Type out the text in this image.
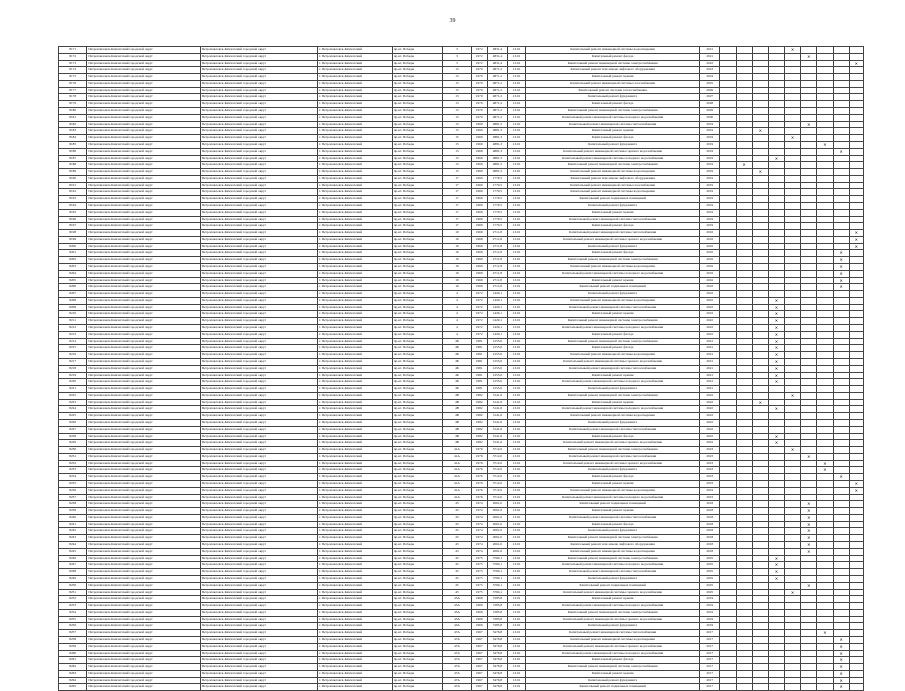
39
8171	Петропавловск-Камчатский городской округ	Петропавловск-Камчатский городской округ	г. Петропавловск-Камчатский	пр-кт. Победы	3	1972	4831,4	13.01	Капитальный ремонт инженерной системы водоотведения	2021					✕				
8172	Петропавловск-Камчатский городской округ	Петропавловск-Камчатский городской округ	г. Петропавловск-Камчатский	пр-кт. Победы	3	1972	4831,4	13.01	Капитальный ремонт фасада	2021						✕			
8173	Петропавловск-Камчатский городской округ	Петропавловск-Камчатский городской округ	г. Петропавловск-Камчатский	пр-кт. Победы	3	1972	4831,4	13.01	Капитальный ремонт инженерной системы электроснабжения	2022									✕
8174	Петропавловск-Камчатский городской округ	Петропавловск-Камчатский городской округ	г. Петропавловск-Камчатский	пр-кт. Победы	13	1970	4871,2	13.01	Капитальный ремонт или замена лифтового оборудования	2023									
8175	Петропавловск-Камчатский городской округ	Петропавловск-Камчатский городской округ	г. Петропавловск-Камчатский	пр-кт. Победы	13	1970	4871,2	13.01	Капитальный ремонт крыши	2024									
8176	Петропавловск-Камчатский городской округ	Петропавловск-Камчатский городской округ	г. Петропавловск-Камчатский	пр-кт. Победы	13	1970	4871,2	13.01	Капитальный ремонт инженерной системы газоснабжения	2025									
8177	Петропавловск-Камчатский городской округ	Петропавловск-Камчатский городской округ	г. Петропавловск-Камчатский	пр-кт. Победы	13	1970	4871,2	13.01	Капитальный ремонт системы теплоснабжения	2026									
8178	Петропавловск-Камчатский городской округ	Петропавловск-Камчатский городской округ	г. Петропавловск-Камчатский	пр-кт. Победы	13	1970	4871,2	13.01	Капитальный ремонт фундамента	2027									
8179	Петропавловск-Камчатский городской округ	Петропавловск-Камчатский городской округ	г. Петропавловск-Камчатский	пр-кт. Победы	13	1970	4871,2	13.01	Капитальный ремонт фасада	2028									
8180	Петропавловск-Камчатский городской округ	Петропавловск-Камчатский городской округ	г. Петропавловск-Камчатский	пр-кт. Победы	13	1970	4871,2	13.01	Капитальный ремонт инженерной системы электроснабжения	2029									
8181	Петропавловск-Камчатский городской округ	Петропавловск-Камчатский городской округ	г. Петропавловск-Камчатский	пр-кт. Победы	13	1970	4871,2	13.01	Капитальный ремонт инженерной системы холодного водоснабжения	2030									
8182	Петропавловск-Камчатский городской округ	Петропавловск-Камчатский городской округ	г. Петропавловск-Камчатский	пр-кт. Победы	13	1960	4881,3	13.01	Капитальный ремонт инженерной системы теплоснабжения	2019						✕			
8183	Петропавловск-Камчатский городской округ	Петропавловск-Камчатский городской округ	г. Петропавловск-Камчатский	пр-кт. Победы	13	1969	4881,3	13.01	Капитальный ремонт крыши	2019			✕						
8184	Петропавловск-Камчатский городской округ	Петропавловск-Камчатский городской округ	г. Петропавловск-Камчатский	пр-кт. Победы	15	1969	4881,3	13.01	Капитальный ремонт фасада	2019					✕				
8185	Петропавловск-Камчатский городской округ	Петропавловск-Камчатский городской округ	г. Петропавловск-Камчатский	пр-кт. Победы	15	1969	4881,3	13.01	Капитальный ремонт фундамента	2019							✕		
8186	Петропавловск-Камчатский городской округ	Петропавловск-Камчатский городской округ	г. Петропавловск-Камчатский	пр-кт. Победы	15	1969	4881,3	13.01	Капитальный ремонт инженерной системы горячего водоснабжения	2019								✕	
8187	Петропавловск-Камчатский городской округ	Петропавловск-Камчатский городской округ	г. Петропавловск-Камчатский	пр-кт. Победы	15	1969	4881,3	13.01	Капитальный ремонт инженерной системы холодного водоснабжения	2019				✕					
8188	Петропавловск-Камчатский городской округ	Петропавловск-Камчатский городской округ	г. Петропавловск-Камчатский	пр-кт. Победы	15	1969	4881,3	13.01	Капитальный ремонт инженерной системы электроснабжения	2019		✕							
8189	Петропавловск-Камчатский городской округ	Петропавловск-Камчатский городской округ	г. Петропавловск-Камчатский	пр-кт. Победы	15	1969	4881,3	13.01	Капитальный ремонт инженерной системы водоотведения	2019			✕						
8190	Петропавловск-Камчатский городской округ	Петропавловск-Камчатский городской округ	г. Петропавловск-Камчатский	пр-кт. Победы	17	1969	1779,5	13.01	Капитальный ремонт или замена лифтового оборудования	2019									
8191	Петропавловск-Камчатский городской округ	Петропавловск-Камчатский городской округ	г. Петропавловск-Камчатский	пр-кт. Победы	17	1969	1779,5	13.01	Капитальный ремонт инженерной системы газоснабжения	2019									
8192	Петропавловск-Камчатский городской округ	Петропавловск-Камчатский городской округ	г. Петропавловск-Камчатский	пр-кт. Победы	17	1969	1779,5	13.01	Капитальный ремонт инженерной системы водоотведения	2019									
8193	Петропавловск-Камчатский городской округ	Петропавловск-Камчатский городской округ	г. Петропавловск-Камчатский	пр-кт. Победы	17	1969	1779,5	13.01	Капитальный ремонт подвальных помещений	2019									
8194	Петропавловск-Камчатский городской округ	Петропавловск-Камчатский городской округ	г. Петропавловск-Камчатский	пр-кт. Победы	17	1969	1779,5	13.01	Капитальный ремонт фундамента	2019									
8195	Петропавловск-Камчатский городской округ	Петропавловск-Камчатский городской округ	г. Петропавловск-Камчатский	пр-кт. Победы	17	1969	1779,5	13.01	Капитальный ремонт крыши	2019									
8196	Петропавловск-Камчатский городской округ	Петропавловск-Камчатский городской округ	г. Петропавловск-Камчатский	пр-кт. Победы	17	1969	1779,5	13.01	Капитальный ремонт инженерной системы теплоснабжения	2019									
8197	Петропавловск-Камчатский городской округ	Петропавловск-Камчатский городской округ	г. Петропавловск-Камчатский	пр-кт. Победы	17	1969	1779,5	13.01	Капитальный ремонт фасада	2019									
8198	Петропавловск-Камчатский городской округ	Петропавловск-Камчатский городской округ	г. Петропавловск-Камчатский	пр-кт. Победы	19	1969	2711,8	13.01	Капитальный ремонт инженерной системы теплоснабжения	2016									✕
8199	Петропавловск-Камчатский городской округ	Петропавловск-Камчатский городской округ	г. Петропавловск-Камчатский	пр-кт. Победы	19	1969	2711,8	13.01	Капитальный ремонт инженерной системы горячего водоснабжения	2016									✕
8200	Петропавловск-Камчатский городской округ	Петропавловск-Камчатский городской округ	г. Петропавловск-Камчатский	пр-кт. Победы	19	1969	2711,8	13.01	Капитальный ремонт фундамента	2016									✕
8201	Петропавловск-Камчатский городской округ	Петропавловск-Камчатский городской округ	г. Петропавловск-Камчатский	пр-кт. Победы	19	1969	2711,8	13.01	Капитальный ремонт фасада	2016								✕	
8202	Петропавловск-Камчатский городской округ	Петропавловск-Камчатский городской округ	г. Петропавловск-Камчатский	пр-кт. Победы	19	1969	2711,8	13.01	Капитальный ремонт инженерной системы электроснабжения	2016								✕	
8203	Петропавловск-Камчатский городской округ	Петропавловск-Камчатский городской округ	г. Петропавловск-Камчатский	пр-кт. Победы	19	1969	2711,8	13.01	Капитальный ремонт инженерной системы водоотведения	2016								✕	
8204	Петропавловск-Камчатский городской округ	Петропавловск-Камчатский городской округ	г. Петропавловск-Камчатский	пр-кт. Победы	19	1969	2711,8	13.01	Капитальный ремонт инженерной системы холодного водоснабжения	2016								✕	
8205	Петропавловск-Камчатский городской округ	Петропавловск-Камчатский городской округ	г. Петропавловск-Камчатский	пр-кт. Победы	19	1969	2711,8	13.01	Капитальный ремонт крыши	2016								✕	
8206	Петропавловск-Камчатский городской округ	Петропавловск-Камчатский городской округ	г. Петропавловск-Камчатский	пр-кт. Победы	19	1969	2711,8	13.01	Капитальный ремонт подвальных помещений	2016								✕	
8207	Петропавловск-Камчатский городской округ	Петропавловск-Камчатский городской округ	г. Петропавловск-Камчатский	пр-кт. Победы	4	1972	1429,1	13.01	Капитальный ремонт фундамента	2022									
8208	Петропавловск-Камчатский городской округ	Петропавловск-Камчатский городской округ	г. Петропавловск-Камчатский	пр-кт. Победы	4	1972	1429,1	13.01	Капитальный ремонт инженерной системы водоотведения	2022				✕					
8209	Петропавловск-Камчатский городской округ	Петропавловск-Камчатский городской округ	г. Петропавловск-Камчатский	пр-кт. Победы	4	1972	1429,1	13.01	Капитальный ремонт инженерной системы теплоснабжения	2022				✕					
8210	Петропавловск-Камчатский городской округ	Петропавловск-Камчатский городской округ	г. Петропавловск-Камчатский	пр-кт. Победы	4	1972	1429,1	13.01	Капитальный ремонт крыши	2022				✕					
8211	Петропавловск-Камчатский городской округ	Петропавловск-Камчатский городской округ	г. Петропавловск-Камчатский	пр-кт. Победы	4	1972	1429,1	13.01	Капитальный ремонт инженерной системы электроснабжения	2022				✕					
8212	Петропавловск-Камчатский городской округ	Петропавловск-Камчатский городской округ	г. Петропавловск-Камчатский	пр-кт. Победы	4	1972	1429,1	13.01	Капитальный ремонт инженерной системы холодного водоснабжения	2022				✕					
8213	Петропавловск-Камчатский городской округ	Петропавловск-Камчатский городской округ	г. Петропавловск-Камчатский	пр-кт. Победы	4	1972	1429,1	13.01	Капитальный ремонт фасада	2022				✕					
8214	Петропавловск-Камчатский городской округ	Петропавловск-Камчатский городской округ	г. Петропавловск-Камчатский	пр-кт. Победы	4Б	1981	1255,0	13.01	Капитальный ремонт инженерной системы электроснабжения	2021				✕					
8215	Петропавловск-Камчатский городской округ	Петропавловск-Камчатский городской округ	г. Петропавловск-Камчатский	пр-кт. Победы	4Б	1981	1255,0	13.01	Капитальный ремонт фасада	2021				✕					
8216	Петропавловск-Камчатский городской округ	Петропавловск-Камчатский городской округ	г. Петропавловск-Камчатский	пр-кт. Победы	4Б	1981	1255,0	13.01	Капитальный ремонт инженерной системы водоотведения	2021				✕					
8217	Петропавловск-Камчатский городской округ	Петропавловск-Камчатский городской округ	г. Петропавловск-Камчатский	пр-кт. Победы	4Б	1981	1255,0	13.01	Капитальный ремонт инженерной системы горячего водоснабжения	2021				✕					
8218	Петропавловск-Камчатский городской округ	Петропавловск-Камчатский городской округ	г. Петропавловск-Камчатский	пр-кт. Победы	4Б	1981	1255,0	13.01	Капитальный ремонт инженерной системы теплоснабжения	2021				✕					
8219	Петропавловск-Камчатский городской округ	Петропавловск-Камчатский городской округ	г. Петропавловск-Камчатский	пр-кт. Победы	4Б	1981	1255,0	13.01	Капитальный ремонт крыши	2021				✕					
8220	Петропавловск-Камчатский городской округ	Петропавловск-Камчатский городской округ	г. Петропавловск-Камчатский	пр-кт. Победы	4Б	1981	1255,0	13.01	Капитальный ремонт инженерной системы холодного водоснабжения	2021				✕					
8221	Петропавловск-Камчатский городской округ	Петропавловск-Камчатский городской округ	г. Петропавловск-Камчатский	пр-кт. Победы	4Б	1981	1255,0	13.01	Капитальный ремонт фундамента	2021									
8222	Петропавловск-Камчатский городской округ	Петропавловск-Камчатский городской округ	г. Петропавловск-Камчатский	пр-кт. Победы	4В	1982	3141,6	13.01	Капитальный ремонт инженерной системы электроснабжения	2022					✕				
8223	Петропавловск-Камчатский городской округ	Петропавловск-Камчатский городской округ	г. Петропавловск-Камчатский	пр-кт. Победы	4В	1982	3141,6	13.01	Капитальный ремонт крыши	2022			✕						
8224	Петропавловск-Камчатский городской округ	Петропавловск-Камчатский городской округ	г. Петропавловск-Камчатский	пр-кт. Победы	4В	1982	3141,6	13.01	Капитальный ремонт инженерной системы холодного водоснабжения	2022				✕					
8225	Петропавловск-Камчатский городской округ	Петропавловск-Камчатский городской округ	г. Петропавловск-Камчатский	пр-кт. Победы	4В	1982	3141,6	13.01	Капитальный ремонт инженерной системы водоотведения	2022									
8226	Петропавловск-Камчатский городской округ	Петропавловск-Камчатский городской округ	г. Петропавловск-Камчатский	пр-кт. Победы	4В	1982	3141,6	13.01	Капитальный ремонт фундамента	2022									
8227	Петропавловск-Камчатский городской округ	Петропавловск-Камчатский городской округ	г. Петропавловск-Камчатский	пр-кт. Победы	4В	1982	3141,6	13.01	Капитальный ремонт инженерной системы теплоснабжения	2022									
8228	Петропавловск-Камчатский городской округ	Петропавловск-Камчатский городской округ	г. Петропавловск-Камчатский	пр-кт. Победы	4В	1982	3141,6	13.01	Капитальный ремонт фасада	2022				✕					
8229	Петропавловск-Камчатский городской округ	Петропавловск-Камчатский городской округ	г. Петропавловск-Камчатский	пр-кт. Победы	4В	1982	3141,6	13.01	Капитальный ремонт инженерной системы горячего водоснабжения	2022				✕					
8230	Петропавловск-Камчатский городской округ	Петропавловск-Камчатский городской округ	г. Петропавловск-Камчатский	пр-кт. Победы	41А	1976	3712,0	13.01	Капитальный ремонт инженерной системы электроснабжения	2023					✕				
8231	Петропавловск-Камчатский городской округ	Петропавловск-Камчатский городской округ	г. Петропавловск-Камчатский	пр-кт. Победы	41А	1976	3712,0	13.01	Капитальный ремонт инженерной системы теплоснабжения	2023						✕			
8232	Петропавловск-Камчатский городской округ	Петропавловск-Камчатский городской округ	г. Петропавловск-Камчатский	пр-кт. Победы	41А	1976	3712,0	13.01	Капитальный ремонт инженерной системы горячего водоснабжения	2023							✕		
8233	Петропавловск-Камчатский городской округ	Петропавловск-Камчатский городской округ	г. Петропавловск-Камчатский	пр-кт. Победы	41А	1976	3712,0	13.01	Капитальный ремонт фундамента	2023							✕		
8234	Петропавловск-Камчатский городской округ	Петропавловск-Камчатский городской округ	г. Петропавловск-Камчатский	пр-кт. Победы	41А	1976	3712,0	13.01	Капитальный ремонт фасада	2023								✕	
8235	Петропавловск-Камчатский городской округ	Петропавловск-Камчатский городской округ	г. Петропавловск-Камчатский	пр-кт. Победы	41А	1976	3712,0	13.01	Капитальный ремонт крыши	2023									✕
8236	Петропавловск-Камчатский городской округ	Петропавловск-Камчатский городской округ	г. Петропавловск-Камчатский	пр-кт. Победы	41А	1976	3712,0	13.01	Капитальный ремонт инженерной системы водоотведения	2023									✕
8237	Петропавловск-Камчатский городской округ	Петропавловск-Камчатский городской округ	г. Петропавловск-Камчатский	пр-кт. Победы	41А	1976	3712,0	13.01	Капитальный ремонт инженерной системы холодного водоснабжения	2023									
8238	Петропавловск-Камчатский городской округ	Петропавловск-Камчатский городской округ	г. Петропавловск-Камчатский	пр-кт. Победы	43	1974	2061,0	13.01	Капитальный ремонт подвальных помещений	2018						✕			
8239	Петропавловск-Камчатский городской округ	Петропавловск-Камчатский городской округ	г. Петропавловск-Камчатский	пр-кт. Победы	43	1974	2061,0	13.01	Капитальный ремонт крыши	2018						✕			
8240	Петропавловск-Камчатский городской округ	Петропавловск-Камчатский городской округ	г. Петропавловск-Камчатский	пр-кт. Победы	43	1974	2061,0	13.01	Капитальный ремонт инженерной системы теплоснабжения	2018						✕			
8241	Петропавловск-Камчатский городской округ	Петропавловск-Камчатский городской округ	г. Петропавловск-Камчатский	пр-кт. Победы	43	1974	2061,0	13.01	Капитальный ремонт фасада	2018						✕			
8242	Петропавловск-Камчатский городской округ	Петропавловск-Камчатский городской округ	г. Петропавловск-Камчатский	пр-кт. Победы	43	1974	2061,0	13.01	Капитальный ремонт фундамента	2018						✕			
8243	Петропавловск-Камчатский городской округ	Петропавловск-Камчатский городской округ	г. Петропавловск-Камчатский	пр-кт. Победы	43	1974	2061,0	13.01	Капитальный ремонт инженерной системы электроснабжения	2018						✕			
8244	Петропавловск-Камчатский городской округ	Петропавловск-Камчатский городской округ	г. Петропавловск-Камчатский	пр-кт. Победы	43	1974	2061,0	13.01	Капитальный ремонт или замена лифтового оборудования	2018						✕			
8245	Петропавловск-Камчатский городской округ	Петропавловск-Камчатский городской округ	г. Петропавловск-Камчатский	пр-кт. Победы	43	1974	2061,0	13.01	Капитальный ремонт инженерной системы водоотведения	2018						✕			
8246	Петропавловск-Камчатский городской округ	Петропавловск-Камчатский городской округ	г. Петропавловск-Камчатский	пр-кт. Победы	45	1975	3760,1	13.01	Капитальный ремонт инженерной системы электроснабжения	2025				✕					
8247	Петропавловск-Камчатский городской округ	Петропавловск-Камчатский городской округ	г. Петропавловск-Камчатский	пр-кт. Победы	45	1975	3760,1	13.01	Капитальный ремонт инженерной системы холодного водоснабжения	2025				✕					
8248	Петропавловск-Камчатский городской округ	Петропавловск-Камчатский городской округ	г. Петропавловск-Камчатский	пр-кт. Победы	45	1975	3760,1	13.01	Капитальный ремонт инженерной системы теплоснабжения	2025				✕					
8249	Петропавловск-Камчатский городской округ	Петропавловск-Камчатский городской округ	г. Петропавловск-Камчатский	пр-кт. Победы	45	1975	3760,1	13.01	Капитальный ремонт фундамента	2025				✕					
8250	Петропавловск-Камчатский городской округ	Петропавловск-Камчатский городской округ	г. Петропавловск-Камчатский	пр-кт. Победы	45	1975	3760,1	13.01	Капитальный ремонт подвальных помещений	2025						✕			
8251	Петропавловск-Камчатский городской округ	Петропавловск-Камчатский городской округ	г. Петропавловск-Камчатский	пр-кт. Победы	45	1975	3760,1	13.01	Капитальный ремонт инженерной системы горячего водоснабжения	2025					✕				
8252	Петропавловск-Камчатский городской округ	Петропавловск-Камчатский городской округ	г. Петропавловск-Камчатский	пр-кт. Победы	45А	1969	7285,8	13.01	Капитальный ремонт крыши	2019									
8253	Петропавловск-Камчатский городской округ	Петропавловск-Камчатский городской округ	г. Петропавловск-Камчатский	пр-кт. Победы	45А	1969	7285,8	13.01	Капитальный ремонт инженерной системы холодного водоснабжения	2019									
8254	Петропавловск-Камчатский городской округ	Петропавловск-Камчатский городской округ	г. Петропавловск-Камчатский	пр-кт. Победы	45А	1969	7285,8	13.01	Капитальный ремонт инженерной системы электроснабжения	2019									
8255	Петропавловск-Камчатский городской округ	Петропавловск-Камчатский городской округ	г. Петропавловск-Камчатский	пр-кт. Победы	45А	1969	7285,8	13.01	Капитальный ремонт инженерной системы горячего водоснабжения	2019									
8256	Петропавловск-Камчатский городской округ	Петропавловск-Камчатский городской округ	г. Петропавловск-Камчатский	пр-кт. Победы	45А	1969	7285,8	13.01	Капитальный ремонт фундамента	2019									
8257	Петропавловск-Камчатский городской округ	Петропавловск-Камчатский городской округ	г. Петропавловск-Камчатский	пр-кт. Победы	47А	1967	5476,8	13.01	Капитальный ремонт инженерной системы теплоснабжения	2017							✕		
8258	Петропавловск-Камчатский городской округ	Петропавловск-Камчатский городской округ	г. Петропавловск-Камчатский	пр-кт. Победы	47А	1967	5476,8	13.01	Капитальный ремонт инженерной системы водоотведения	2017								✕	
8259	Петропавловск-Камчатский городской округ	Петропавловск-Камчатский городской округ	г. Петропавловск-Камчатский	пр-кт. Победы	47А	1967	5476,8	13.01	Капитальный ремонт инженерной системы горячего водоснабжения	2017								✕	
8260	Петропавловск-Камчатский городской округ	Петропавловск-Камчатский городской округ	г. Петропавловск-Камчатский	пр-кт. Победы	47А	1967	5476,8	13.01	Капитальный ремонт инженерной системы холодного водоснабжения	2017								✕	
8261	Петропавловск-Камчатский городской округ	Петропавловск-Камчатский городской округ	г. Петропавловск-Камчатский	пр-кт. Победы	47А	1967	5476,8	13.01	Капитальный ремонт фасада	2017								✕	
8262	Петропавловск-Камчатский городской округ	Петропавловск-Камчатский городской округ	г. Петропавловск-Камчатский	пр-кт. Победы	47А	1967	5476,8	13.01	Капитальный ремонт инженерной системы электроснабжения	2017								✕	
8263	Петропавловск-Камчатский городской округ	Петропавловск-Камчатский городской округ	г. Петропавловск-Камчатский	пр-кт. Победы	47А	1967	5476,8	13.01	Капитальный ремонт крыши	2017								✕	
8264	Петропавловск-Камчатский городской округ	Петропавловск-Камчатский городской округ	г. Петропавловск-Камчатский	пр-кт. Победы	47А	1967	5476,8	13.01	Капитальный ремонт фундамента	2017								✕	
8265	Петропавловск-Камчатский городской округ	Петропавловск-Камчатский городской округ	г. Петропавловск-Камчатский	пр-кт. Победы	47А	1967	5476,8	13.01	Капитальный ремонт подвальных помещений	2017								✕	
